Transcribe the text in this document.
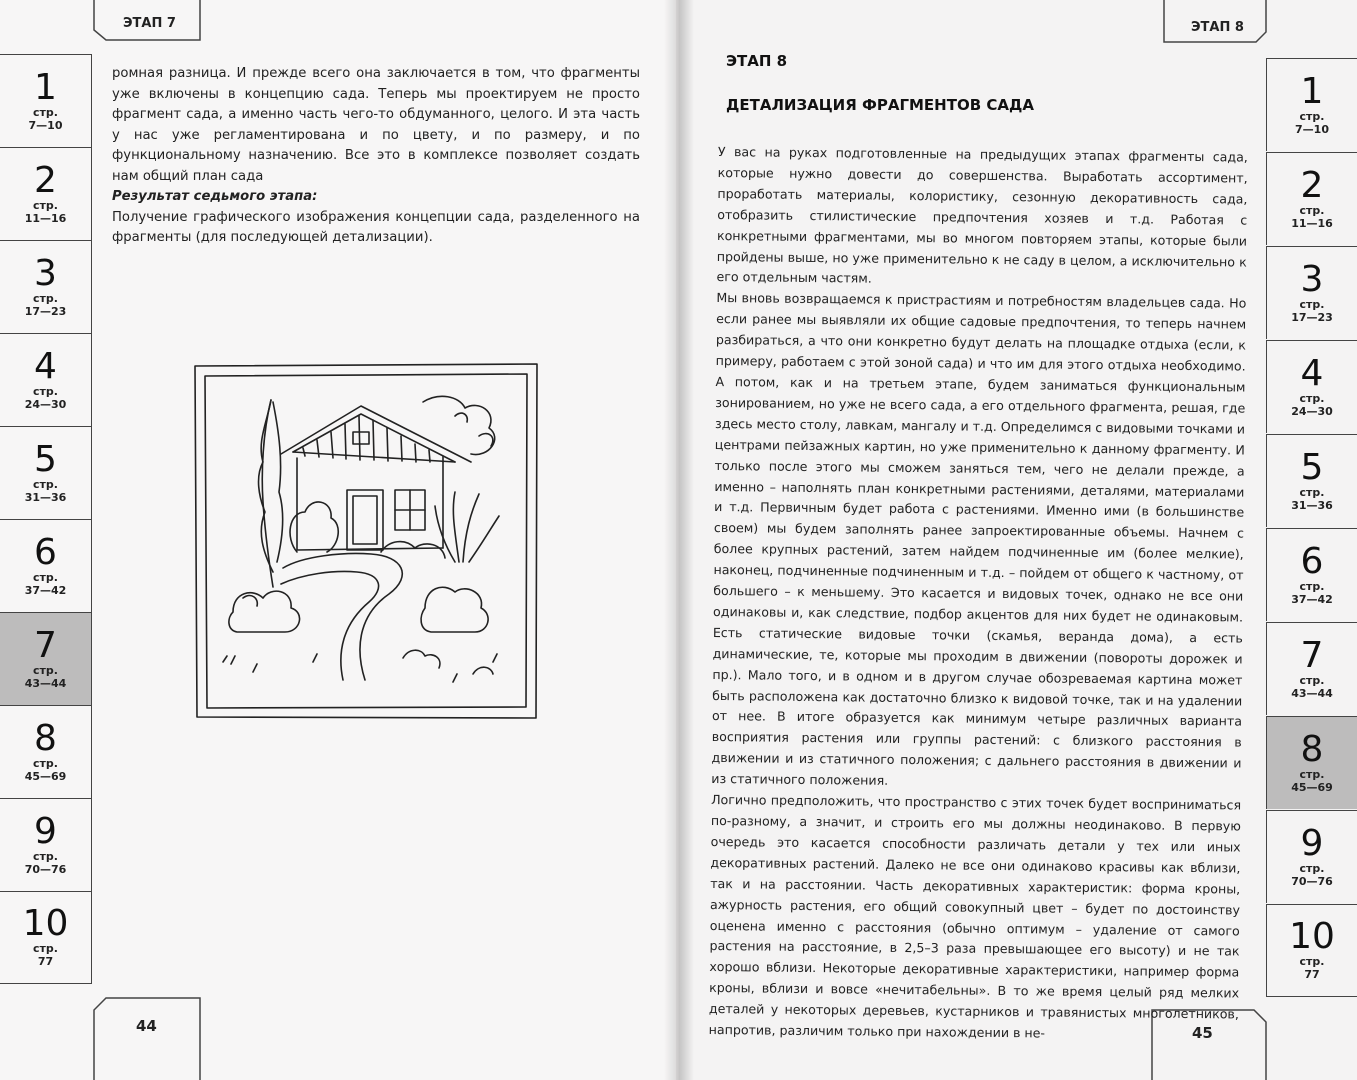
ЭТАП 7	ЭТАП 8
44	45
1
стр.
7—10
2
стр.
11—16
3
стр.
17—23
4
стр.
24—30
5
стр.
31—36
6
стр.
37—42
7
стр.
43—44
8
стр.
45—69
9
стр.
70—76
10
стр.
77
1
стр.
7—10
2
стр.
11—16
3
стр.
17—23
4
стр.
24—30
5
стр.
31—36
6
стр.
37—42
7
стр.
43—44
8
стр.
45—69
9
стр.
70—76
10
стр.
77

ромная разница. И прежде всего она заключается в том, что фрагменты уже включены в концепцию сада. Теперь мы проектируем не просто фрагмент сада, а именно часть чего-то обдуманного, целого. И эта часть у нас уже регламентирована и по цвету, и по размеру, и по функциональному назначению. Все это в комплексе позволяет создать нам общий план сада

Результат седьмого этапа:

Получение графического изображения концепции сада, разделенного на фрагменты (для последующей детализации).

ЭТАП 8
ДЕТАЛИЗАЦИЯ ФРАГМЕНТОВ САДА

У вас на руках подготовленные на предыдущих этапах фрагменты сада, которые нужно довести до совершенства. Выработать ассортимент, проработать материалы, колористику, сезонную декоративность сада, отобразить стилистические предпочтения хозяев и т.д. Работая с конкретными фрагментами, мы во многом повторяем этапы, которые были пройдены выше, но уже применительно к не саду в целом, а исключительно к его отдельным частям.

Мы вновь возвращаемся к пристрастиям и потребностям владельцев сада. Но если ранее мы выявляли их общие садовые предпочтения, то теперь начнем разбираться, а что они конкретно будут делать на площадке отдыха (если, к примеру, работаем с этой зоной сада) и что им для этого отдыха необходимо. А потом, как и на третьем этапе, будем заниматься функциональным зонированием, но уже не всего сада, а его отдельного фрагмента, решая, где здесь место столу, лавкам, мангалу и т.д. Определимся с видовыми точками и центрами пейзажных картин, но уже применительно к данному фрагменту. И только после этого мы сможем заняться тем, чего не делали прежде, а именно – наполнять план конкретными растениями, деталями, материалами и т.д. Первичным будет работа с растениями. Именно ими (в большинстве своем) мы будем заполнять ранее запроектированные объемы. Начнем с более крупных растений, затем найдем подчиненные им (более мелкие), наконец, подчиненные подчиненным и т.д. – пойдем от общего к частному, от большего – к меньшему. Это касается и видовых точек, однако не все они одинаковы и, как следствие, подбор акцентов для них будет не одинаковым. Есть статические видовые точки (скамья, веранда дома), а есть динамические, те, которые мы проходим в движении (повороты дорожек и пр.). Мало того, и в одном и в другом случае обозреваемая картина может быть расположена как достаточно близко к видовой точке, так и на удалении от нее. В итоге образуется как минимум четыре различных варианта восприятия растения или группы растений: с близкого расстояния в движении и из статичного положения; с дальнего расстояния в движении и из статичного положения.

Логично предположить, что пространство с этих точек будет восприниматься по-разному, а значит, и строить его мы должны неодинаково. В первую очередь это касается способности различать детали у тех или иных декоративных растений. Далеко не все они одинаково красивы как вблизи, так и на расстоянии. Часть декоративных характеристик: форма кроны, ажурность растения, его общий совокупный цвет – будет по достоинству оценена именно с расстояния (обычно оптимум – удаление от самого растения на расстояние, в 2,5–3 раза превышающее его высоту) и не так хорошо вблизи. Некоторые декоративные характеристики, например форма кроны, вблизи и вовсе «нечитабельны». В то же время целый ряд мелких деталей у некоторых деревьев, кустарников и травянистых многолетников, напротив, различим только при нахождении в не-
